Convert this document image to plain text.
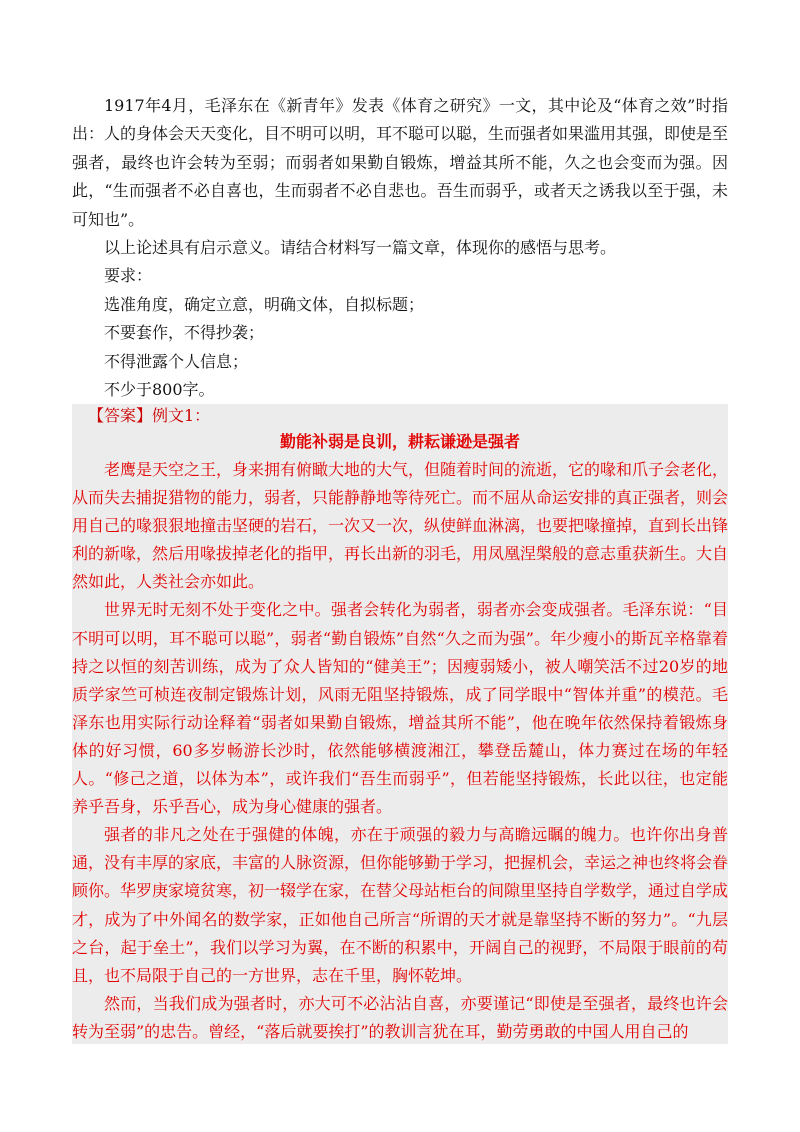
1917年4月，毛泽东在《新青年》发表《体育之研究》一文，其中论及“体育之效”时指出：人的身体会天天变化，目不明可以明，耳不聪可以聪，生而强者如果滥用其强，即使是至强者，最终也许会转为至弱；而弱者如果勤自锻炼，增益其所不能，久之也会变而为强。因此，“生而强者不必自喜也，生而弱者不必自悲也。吾生而弱乎，或者天之诱我以至于强，未可知也”。

以上论述具有启示意义。请结合材料写一篇文章，体现你的感悟与思考。

要求：

选准角度，确定立意，明确文体，自拟标题；

不要套作，不得抄袭；

不得泄露个人信息；

不少于800字。

【答案】例文1：

勤能补弱是良训，耕耘谦逊是强者

老鹰是天空之王，身来拥有俯瞰大地的大气，但随着时间的流逝，它的喙和爪子会老化，从而失去捕捉猎物的能力，弱者，只能静静地等待死亡。而不屈从命运安排的真正强者，则会用自己的喙狠狠地撞击坚硬的岩石，一次又一次，纵使鲜血淋漓，也要把喙撞掉，直到长出锋利的新喙，然后用喙拔掉老化的指甲，再长出新的羽毛，用凤凰涅槃般的意志重获新生。大自然如此，人类社会亦如此。

世界无时无刻不处于变化之中。强者会转化为弱者，弱者亦会变成强者。毛泽东说：“目不明可以明，耳不聪可以聪”，弱者“勤自锻炼”自然“久之而为强”。年少瘦小的斯瓦辛格靠着持之以恒的刻苦训练，成为了众人皆知的“健美王”；因瘦弱矮小，被人嘲笑活不过20岁的地质学家竺可桢连夜制定锻炼计划，风雨无阻坚持锻炼，成了同学眼中“智体并重”的模范。毛泽东也用实际行动诠释着“弱者如果勤自锻炼，增益其所不能”，他在晚年依然保持着锻炼身体的好习惯，60多岁畅游长沙时，依然能够横渡湘江，攀登岳麓山，体力赛过在场的年轻人。“修己之道，以体为本”，或许我们“吾生而弱乎”，但若能坚持锻炼，长此以往，也定能养乎吾身，乐乎吾心，成为身心健康的强者。

强者的非凡之处在于强健的体魄，亦在于顽强的毅力与高瞻远瞩的魄力。也许你出身普通，没有丰厚的家底，丰富的人脉资源，但你能够勤于学习，把握机会，幸运之神也终将会眷顾你。华罗庚家境贫寒，初一辍学在家，在替父母站柜台的间隙里坚持自学数学，通过自学成才，成为了中外闻名的数学家，正如他自己所言“所谓的天才就是靠坚持不断的努力”。“九层之台，起于垒土”，我们以学习为翼，在不断的积累中，开阔自己的视野，不局限于眼前的苟且，也不局限于自己的一方世界，志在千里，胸怀乾坤。

然而，当我们成为强者时，亦大可不必沾沾自喜，亦要谨记“即使是至强者，最终也许会转为至弱”的忠告。曾经，“落后就要挨打”的教训言犹在耳，勤劳勇敢的中国人用自己的
